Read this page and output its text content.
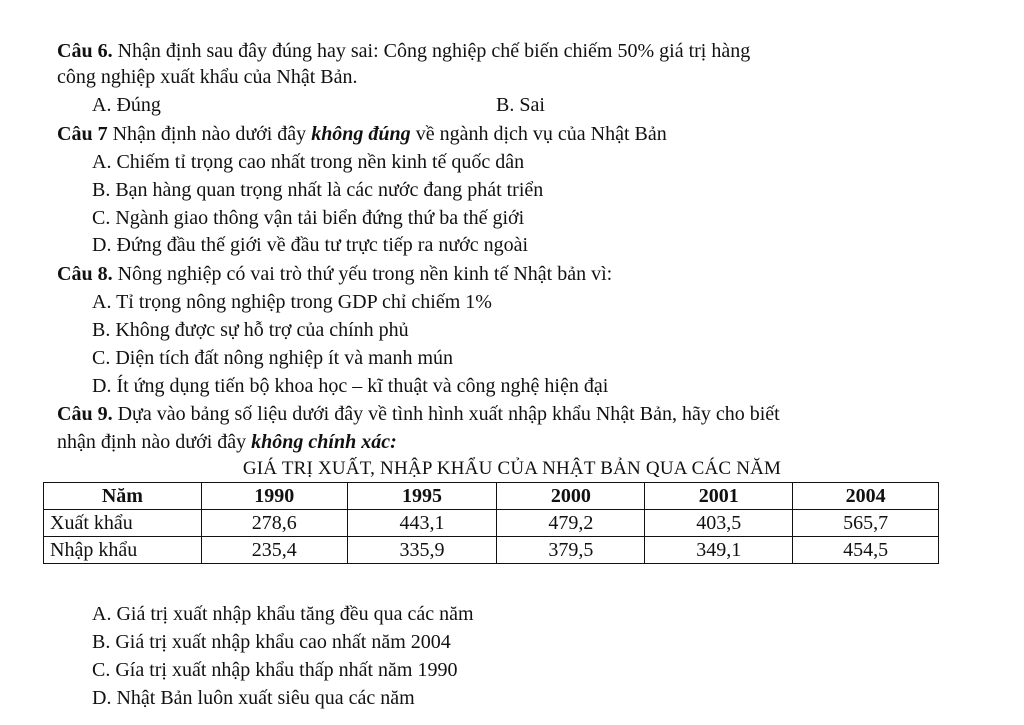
Câu 6. Nhận định sau đây đúng hay sai: Công nghiệp chế biến chiếm 50% giá trị hàng
công nghiệp xuất khẩu của Nhật Bản.
A. Đúng	B. Sai
Câu 7 Nhận định nào dưới đây không đúng về ngành dịch vụ của Nhật Bản
A. Chiếm tỉ trọng cao nhất trong nền kinh tế quốc dân
B. Bạn hàng quan trọng nhất là các nước đang phát triển
C. Ngành giao thông vận tải biển đứng thứ ba thế giới
D. Đứng đầu thế giới về đầu tư trực tiếp ra nước ngoài
Câu 8. Nông nghiệp có vai trò thứ yếu trong nền kinh tế Nhật bản vì:
A. Tỉ trọng nông nghiệp trong GDP chỉ chiếm 1%
B. Không được sự hỗ trợ của chính phủ
C. Diện tích đất nông nghiệp ít và manh mún
D. Ít ứng dụng tiến bộ khoa học – kĩ thuật và công nghệ hiện đại
Câu 9. Dựa vào bảng số liệu dưới đây về tình hình xuất nhập khẩu Nhật Bản, hãy cho biết
nhận định nào dưới đây không chính xác:
GIÁ TRỊ XUẤT, NHẬP KHẨU CỦA NHẬT BẢN QUA CÁC NĂM
Năm	1990	1995	2000	2001	2004
Xuất khẩu	278,6	443,1	479,2	403,5	565,7
Nhập khẩu	235,4	335,9	379,5	349,1	454,5
A. Giá trị xuất nhập khẩu tăng đều qua các năm
B. Giá trị xuất nhập khẩu cao nhất năm 2004
C. Gía trị xuất nhập khẩu thấp nhất năm 1990
D. Nhật Bản luôn xuất siêu qua các năm
